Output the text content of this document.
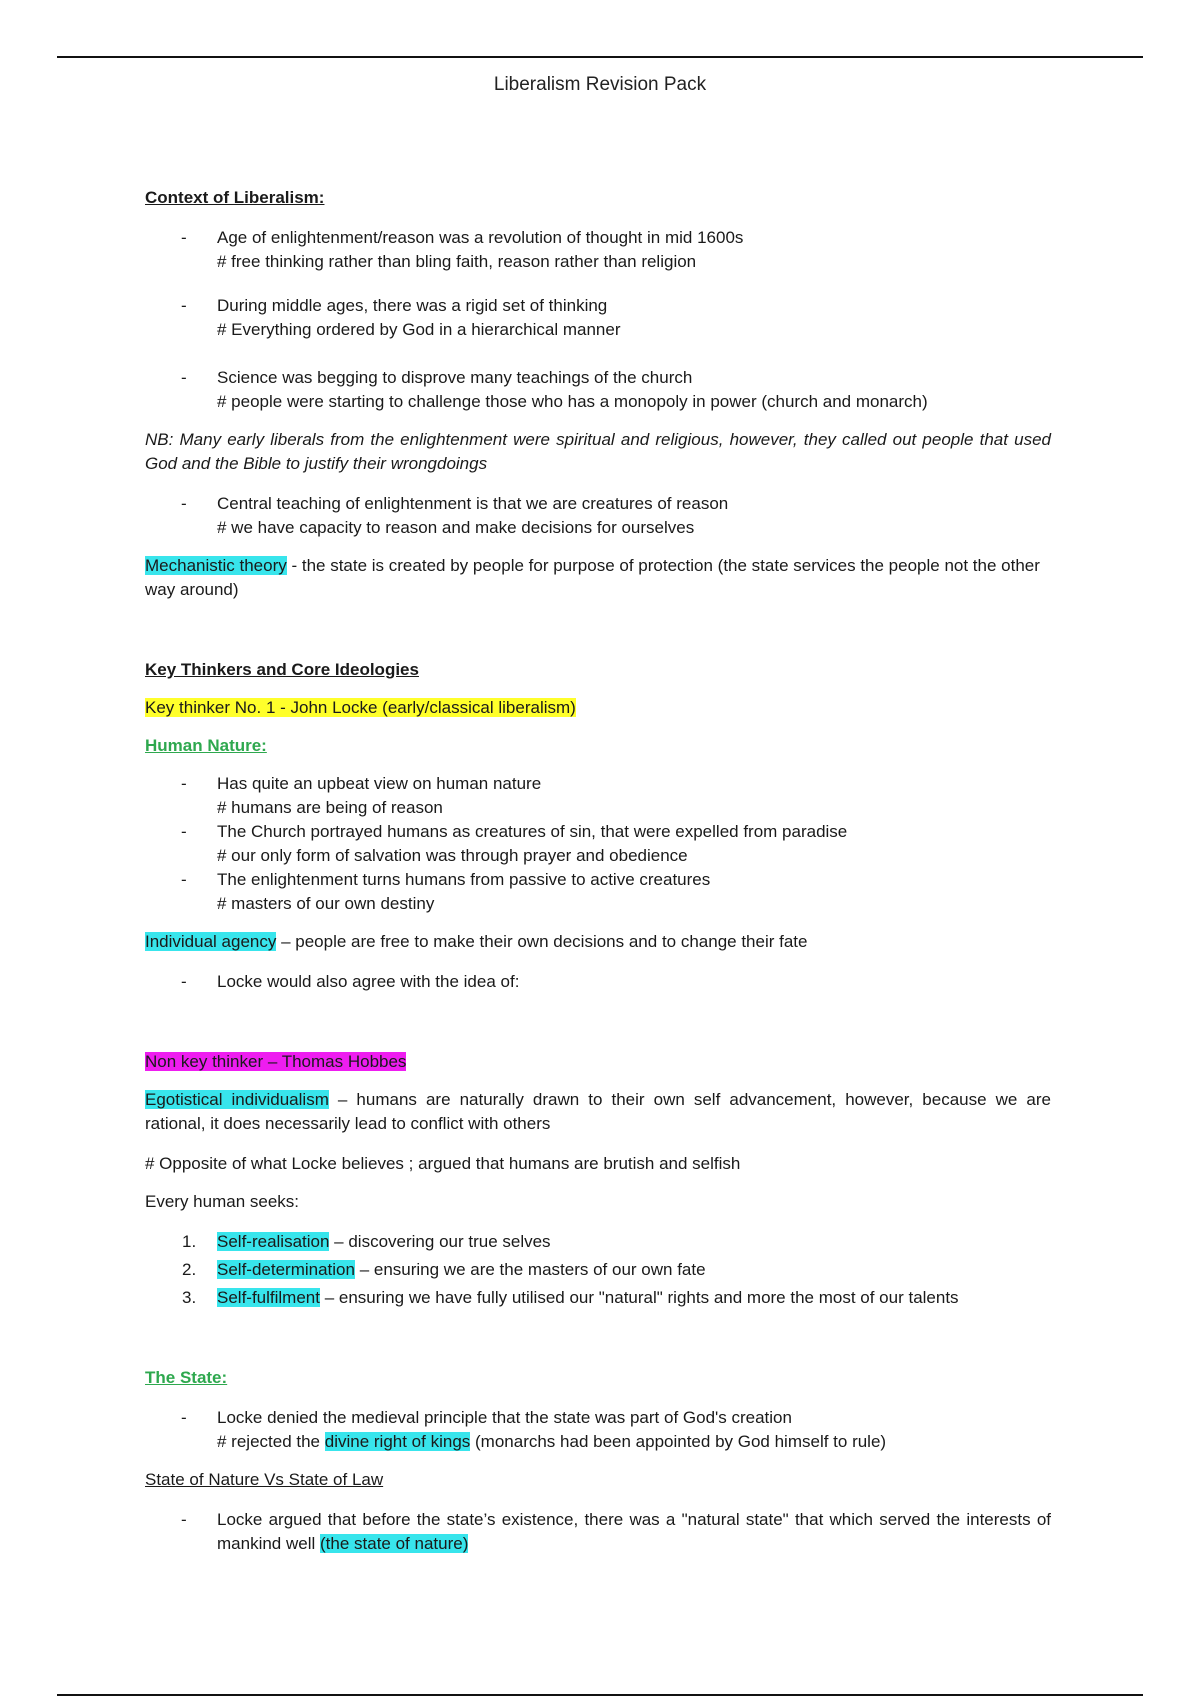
Liberalism Revision Pack

Context of Liberalism:

- Age of enlightenment/reason was a revolution of thought in mid 1600s
# free thinking rather than bling faith, reason rather than religion
- During middle ages, there was a rigid set of thinking
# Everything ordered by God in a hierarchical manner
- Science was begging to disprove many teachings of the church
# people were starting to challenge those who has a monopoly in power (church and monarch)

NB: Many early liberals from the enlightenment were spiritual and religious, however, they called out people that used God and the Bible to justify their wrongdoings

- Central teaching of enlightenment is that we are creatures of reason
# we have capacity to reason and make decisions for ourselves

Mechanistic theory - the state is created by people for purpose of protection (the state services the people not the other way around)

Key Thinkers and Core Ideologies

Key thinker No. 1 - John Locke (early/classical liberalism)

Human Nature:

- Has quite an upbeat view on human nature
# humans are being of reason
- The Church portrayed humans as creatures of sin, that were expelled from paradise
# our only form of salvation was through prayer and obedience
- The enlightenment turns humans from passive to active creatures
# masters of our own destiny

Individual agency – people are free to make their own decisions and to change their fate

- Locke would also agree with the idea of:

Non key thinker – Thomas Hobbes

Egotistical individualism – humans are naturally drawn to their own self advancement, however, because we are rational, it does necessarily lead to conflict with others

# Opposite of what Locke believes ; argued that humans are brutish and selfish

Every human seeks:

1. Self-realisation – discovering our true selves
2. Self-determination – ensuring we are the masters of our own fate
3. Self-fulfilment – ensuring we have fully utilised our "natural" rights and more the most of our talents

The State:

- Locke denied the medieval principle that the state was part of God's creation
# rejected the divine right of kings (monarchs had been appointed by God himself to rule)

State of Nature Vs State of Law

- Locke argued that before the state’s existence, there was a "natural state" that which served the interests of mankind well (the state of nature)
